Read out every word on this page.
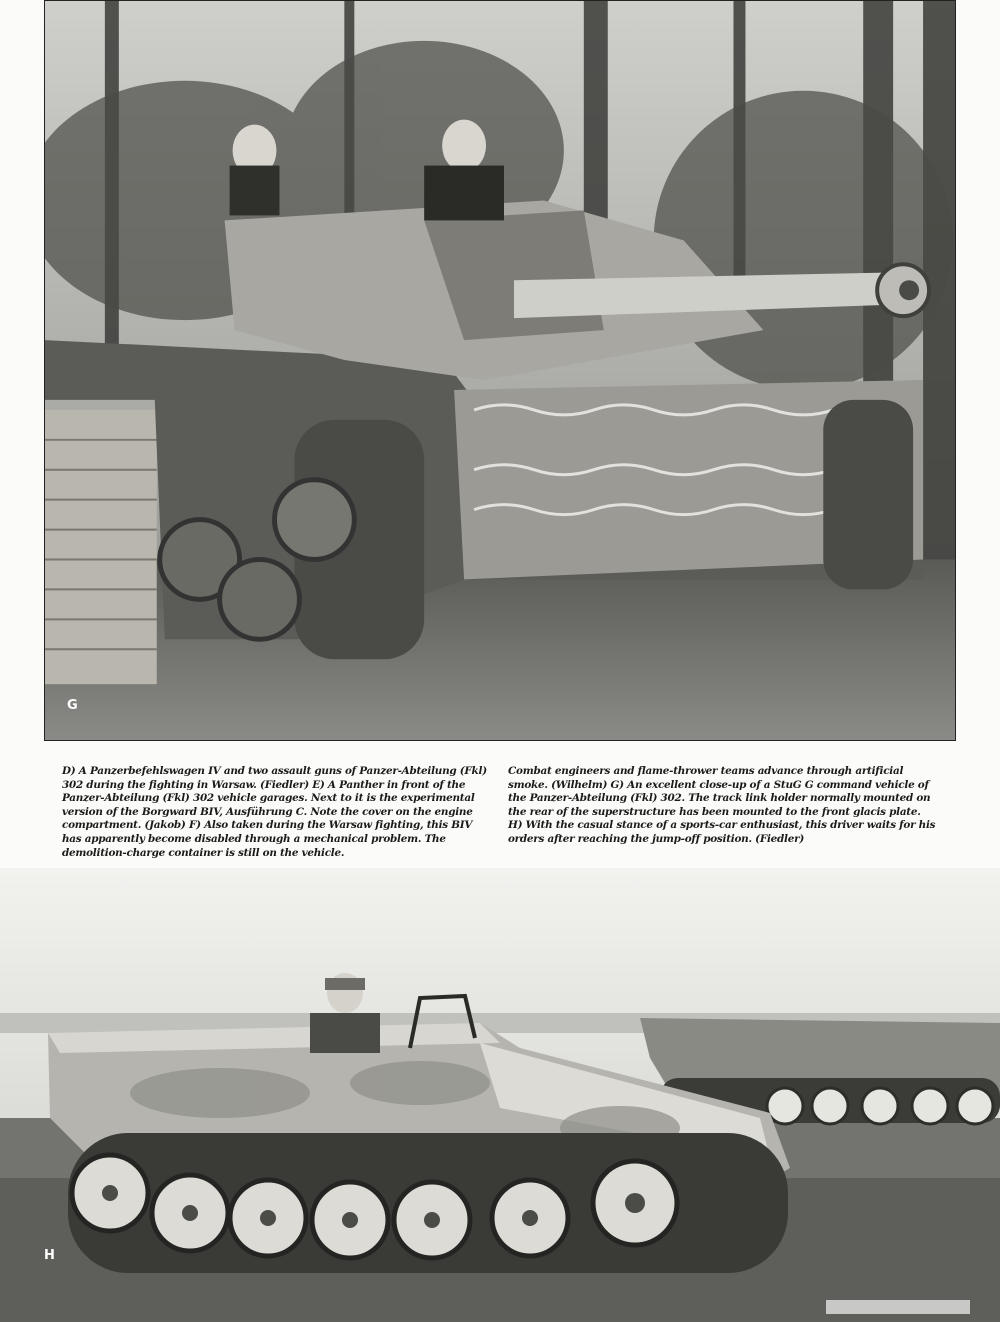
G

D) A Panzerbefehlswagen IV and two assault guns of Panzer-Abteilung (Fkl) 302 during the fighting in Warsaw. (Fiedler) E) A Panther in front of the Panzer-Abteilung (Fkl) 302 vehicle garages. Next to it is the experimental version of the Borgward BIV, Ausführung C. Note the cover on the engine compartment. (Jakob) F) Also taken during the Warsaw fighting, this BIV has apparently become disabled through a mechanical problem. The demolition-charge container is still on the vehicle.

Combat engineers and flame-thrower teams advance through artificial smoke. (Wilhelm) G) An excellent close-up of a StuG G command vehicle of the Panzer-Abteilung (Fkl) 302. The track link holder normally mounted on the rear of the superstructure has been mounted to the front glacis plate. H) With the casual stance of a sports-car enthusiast, this driver waits for his orders after reaching the jump-off position. (Fiedler)

H
